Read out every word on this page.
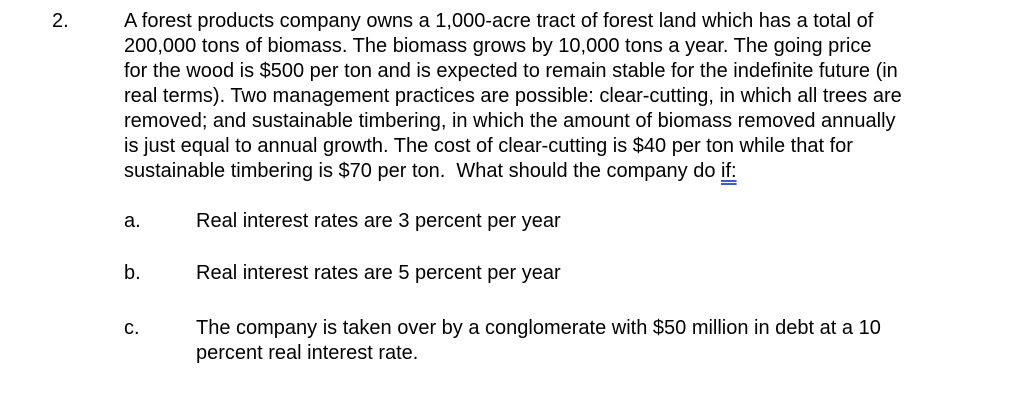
2.	A forest products company owns a 1,000-acre tract of forest land which has a total of
200,000 tons of biomass. The biomass grows by 10,000 tons a year. The going price
for the wood is $500 per ton and is expected to remain stable for the indefinite future (in
real terms). Two management practices are possible: clear-cutting, in which all trees are
removed; and sustainable timbering, in which the amount of biomass removed annually
is just equal to annual growth. The cost of clear-cutting is $40 per ton while that for
sustainable timbering is $70 per ton.  What should the company do if:
a.	Real interest rates are 3 percent per year
b.	Real interest rates are 5 percent per year
c.	The company is taken over by a conglomerate with $50 million in debt at a 10
percent real interest rate.
